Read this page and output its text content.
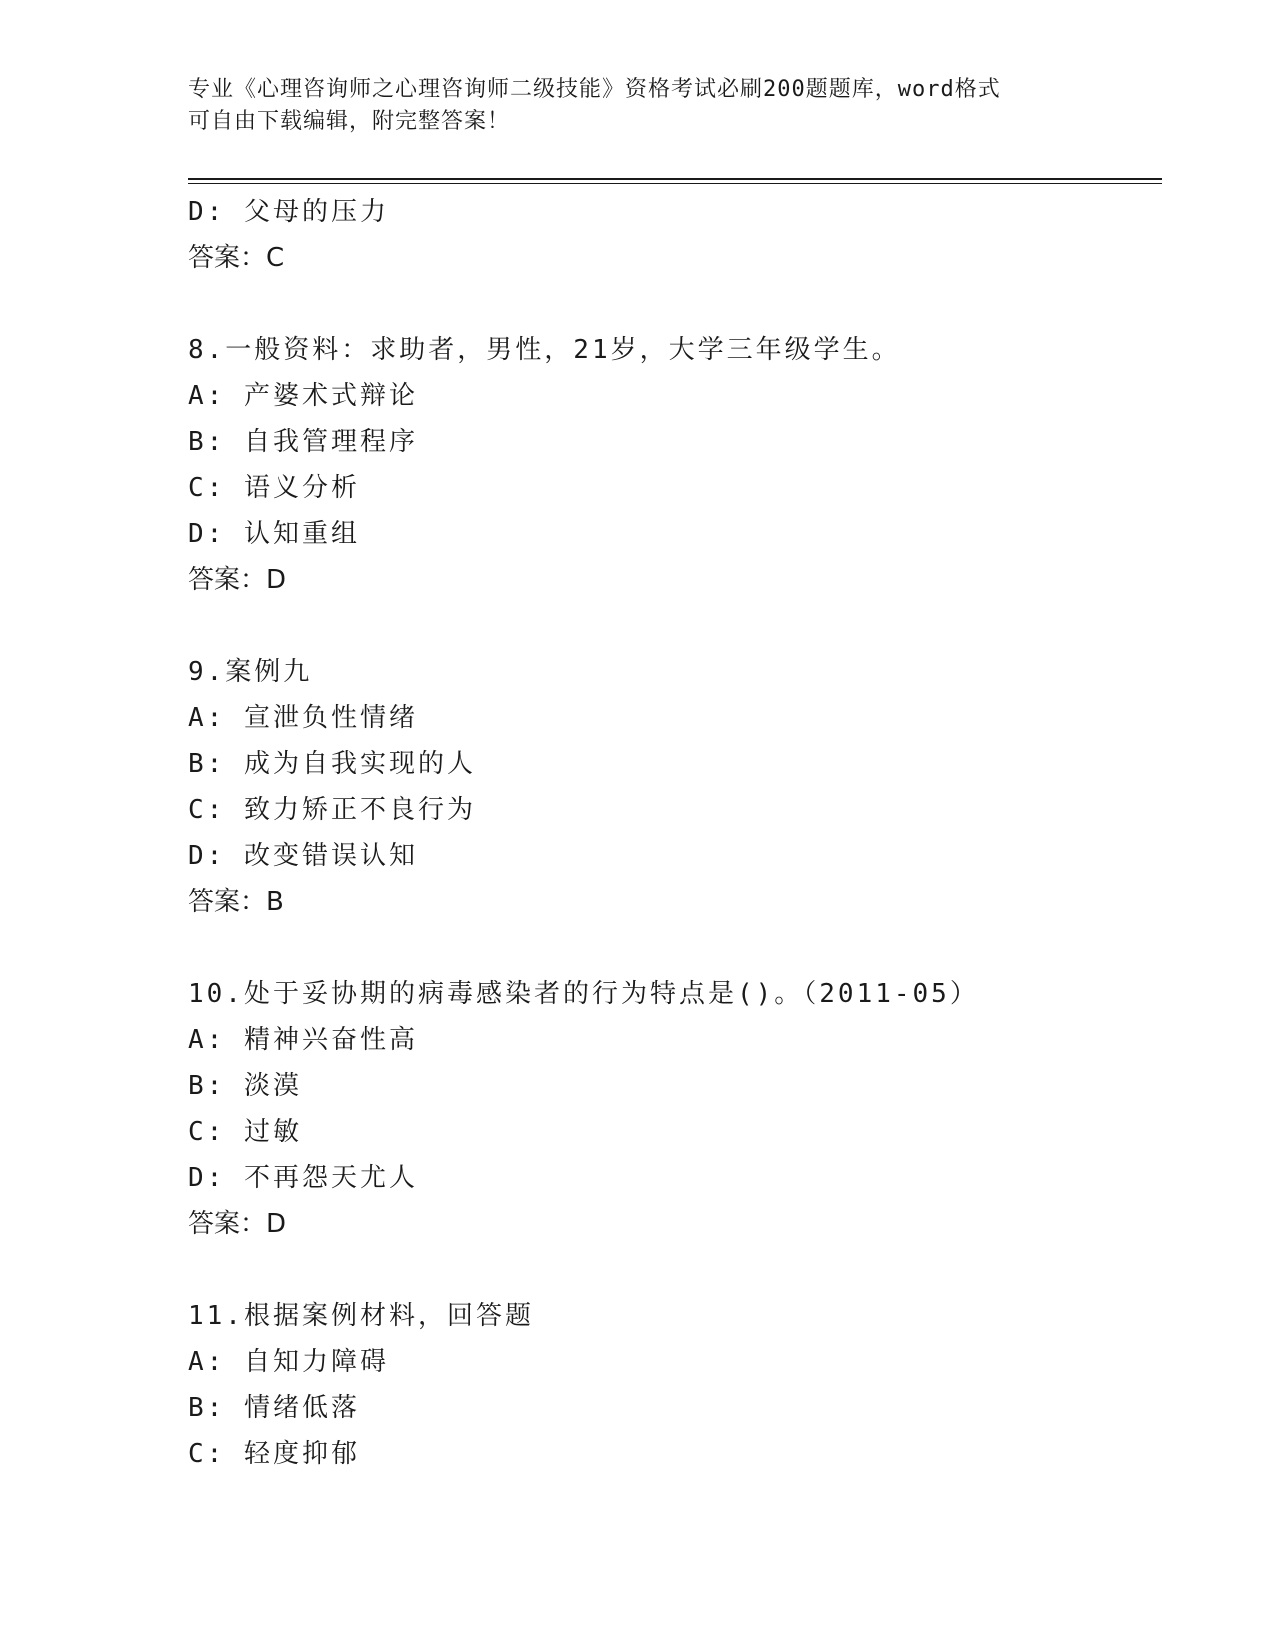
专业《心理咨询师之心理咨询师二级技能》资格考试必刷200题题库，word格式
可自由下载编辑，附完整答案！
D: 父母的压力
答案：C
8.一般资料：求助者，男性，21岁，大学三年级学生。
A: 产婆术式辩论
B: 自我管理程序
C: 语义分析
D: 认知重组
答案：D
9.案例九
A: 宣泄负性情绪
B: 成为自我实现的人
C: 致力矫正不良行为
D: 改变错误认知
答案：B
10.处于妥协期的病毒感染者的行为特点是()。（2011-05）
A: 精神兴奋性高
B: 淡漠
C: 过敏
D: 不再怨天尤人
答案：D
11.根据案例材料，回答题
A: 自知力障碍
B: 情绪低落
C: 轻度抑郁
